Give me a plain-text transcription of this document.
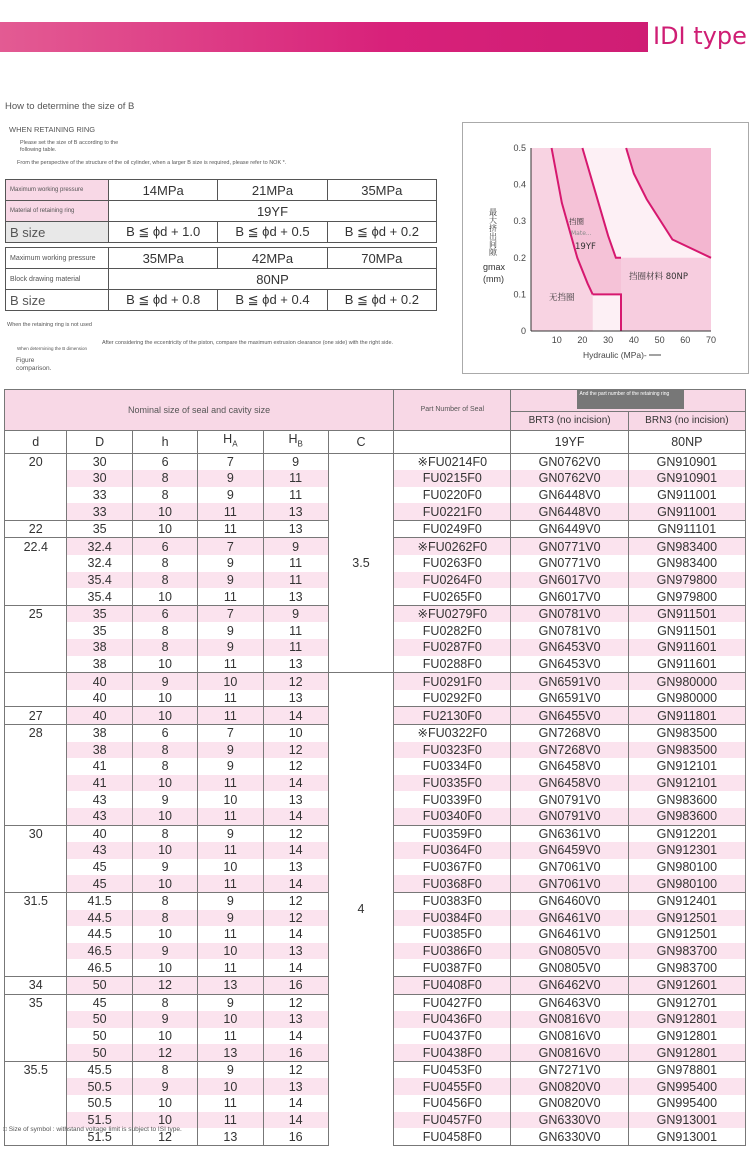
IDI type
How to determine the size of B
WHEN RETAINING RING
Please set the size of B according to the following table.
From the perspective of the structure of the oil cylinder, when a larger B size is required, please refer to NOK *.
Maximum working pressure	14MPa	21MPa	35MPa
Material of retaining ring	19YF		
B size	B ≦ ϕd + 1.0	B ≦ ϕd + 0.5	B ≦ ϕd + 0.2
Maximum working pressure	35MPa	42MPa	70MPa
Block drawing material	80NP		
B size	B ≦ ϕd + 0.8	B ≦ ϕd + 0.4	B ≦ ϕd + 0.2
When the retaining ring is not used
When determining the B dimension
After considering the eccentricity of the piston, compare the maximum extrusion clearance (one side) with the right side.
Figure comparison.
10 20 30 40 50 60 70
0
0.1
0.2
0.3
0.4
0.5
最大挤出间隙
gmax
(mm)
Hydraulic (MPa)-
挡圈
Mate...
19YF
挡圈材料 80NP
无挡圈
Nominal size of seal and cavity size						Part Number of Seal	And the part number of the retaining ring	

							BRT3 (no incision)	BRN3 (no incision)
d	D	h	$H_A$	$H_B$	C		19YF	80NP
20	30	6	7	9	3.5	※FU0214F0	GN0762V0	GN910901
	30	8	9	11		FU0215F0	GN0762V0	GN910901
	33	8	9	11		FU0220F0	GN6448V0	GN911001
	33	10	11	13		FU0221F0	GN6448V0	GN911001
22	35	10	11	13		FU0249F0	GN6449V0	GN911101
22.4	32.4	6	7	9		※FU0262F0	GN0771V0	GN983400
	32.4	8	9	11		FU0263F0	GN0771V0	GN983400
	35.4	8	9	11		FU0264F0	GN6017V0	GN979800
	35.4	10	11	13		FU0265F0	GN6017V0	GN979800
25	35	6	7	9		※FU0279F0	GN0781V0	GN911501
	35	8	9	11		FU0282F0	GN0781V0	GN911501
	38	8	9	11		FU0287F0	GN6453V0	GN911601
	38	10	11	13		FU0288F0	GN6453V0	GN911601
	40	9	10	12	4	FU0291F0	GN6591V0	GN980000
	40	10	11	13		FU0292F0	GN6591V0	GN980000
27	40	10	11	14		FU2130F0	GN6455V0	GN911801
28	38	6	7	10		※FU0322F0	GN7268V0	GN983500
	38	8	9	12		FU0323F0	GN7268V0	GN983500
	41	8	9	12		FU0334F0	GN6458V0	GN912101
	41	10	11	14		FU0335F0	GN6458V0	GN912101
	43	9	10	13		FU0339F0	GN0791V0	GN983600
	43	10	11	14		FU0340F0	GN0791V0	GN983600
30	40	8	9	12		FU0359F0	GN6361V0	GN912201
	43	10	11	14		FU0364F0	GN6459V0	GN912301
	45	9	10	13		FU0367F0	GN7061V0	GN980100
	45	10	11	14		FU0368F0	GN7061V0	GN980100
31.5	41.5	8	9	12		FU0383F0	GN6460V0	GN912401
	44.5	8	9	12		FU0384F0	GN6461V0	GN912501
	44.5	10	11	14		FU0385F0	GN6461V0	GN912501
	46.5	9	10	13		FU0386F0	GN0805V0	GN983700
	46.5	10	11	14		FU0387F0	GN0805V0	GN983700
34	50	12	13	16		FU0408F0	GN6462V0	GN912601
35	45	8	9	12		FU0427F0	GN6463V0	GN912701
	50	9	10	13		FU0436F0	GN0816V0	GN912801
	50	10	11	14		FU0437F0	GN0816V0	GN912801
	50	12	13	16		FU0438F0	GN0816V0	GN912801
35.5	45.5	8	9	12		FU0453F0	GN7271V0	GN978801
	50.5	9	10	13		FU0455F0	GN0820V0	GN995400
	50.5	10	11	14		FU0456F0	GN0820V0	GN995400
	51.5	10	11	14		FU0457F0	GN6330V0	GN913001
	51.5	12	13	16		FU0458F0	GN6330V0	GN913001
□ Size of symbol : withstand voltage limit is subject to ISI type.
